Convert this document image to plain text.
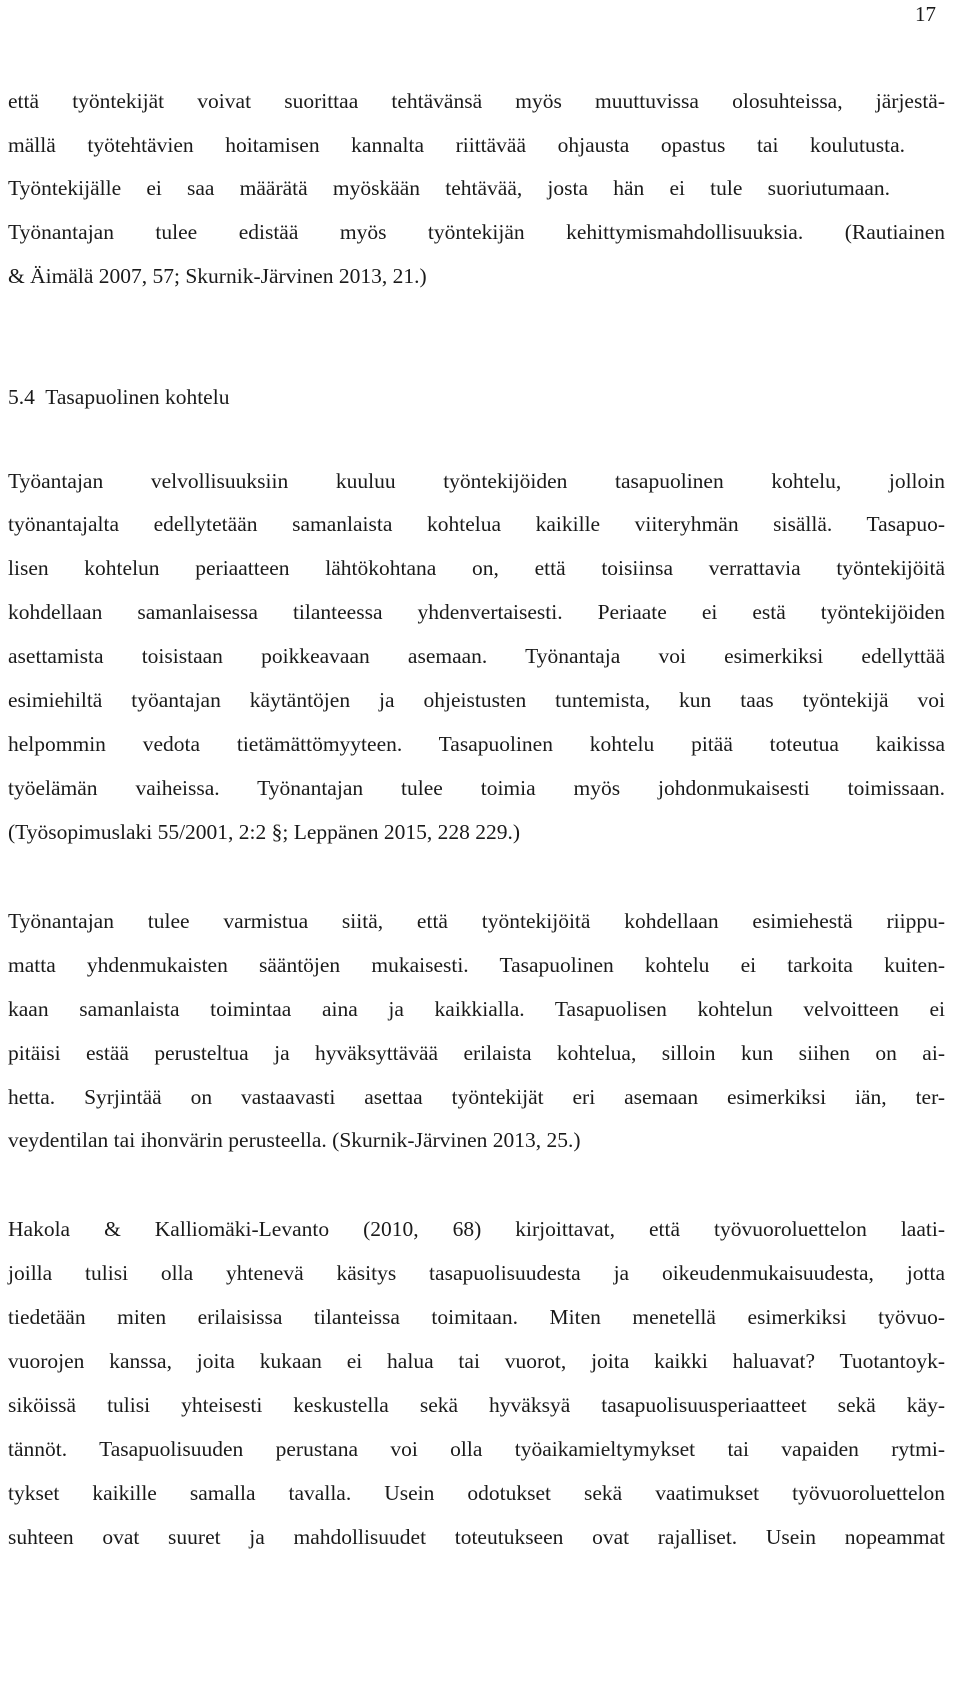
17
että työntekijät voivat suorittaa tehtävänsä myös muuttuvissa olosuhteissa, järjestä-
mällä työtehtävien hoitamisen kannalta riittävää ohjausta opastus tai koulutusta.
Työntekijälle ei saa määrätä myöskään tehtävää, josta hän ei tule suoriutumaan.
Työnantajan tulee edistää myös työntekijän kehittymismahdollisuuksia. (Rautiainen
& Äimälä 2007, 57; Skurnik-Järvinen 2013, 21.)
5.4 Tasapuolinen kohtelu
Työantajan velvollisuuksiin kuuluu työntekijöiden tasapuolinen kohtelu, jolloin
työnantajalta edellytetään samanlaista kohtelua kaikille viiteryhmän sisällä. Tasapuo-
lisen kohtelun periaatteen lähtökohtana on, että toisiinsa verrattavia työntekijöitä
kohdellaan samanlaisessa tilanteessa yhdenvertaisesti. Periaate ei estä työntekijöiden
asettamista toisistaan poikkeavaan asemaan. Työnantaja voi esimerkiksi edellyttää
esimiehiltä työantajan käytäntöjen ja ohjeistusten tuntemista, kun taas työntekijä voi
helpommin vedota tietämättömyyteen. Tasapuolinen kohtelu pitää toteutua kaikissa
työelämän vaiheissa. Työnantajan tulee toimia myös johdonmukaisesti toimissaan.
(Työsopimuslaki 55/2001, 2:2 §; Leppänen 2015, 228 229.)
Työnantajan tulee varmistua siitä, että työntekijöitä kohdellaan esimiehestä riippu-
matta yhdenmukaisten sääntöjen mukaisesti. Tasapuolinen kohtelu ei tarkoita kuiten-
kaan samanlaista toimintaa aina ja kaikkialla. Tasapuolisen kohtelun velvoitteen ei
pitäisi estää perusteltua ja hyväksyttävää erilaista kohtelua, silloin kun siihen on ai-
hetta. Syrjintää on vastaavasti asettaa työntekijät eri asemaan esimerkiksi iän, ter-
veydentilan tai ihonvärin perusteella. (Skurnik-Järvinen 2013, 25.)
Hakola & Kalliomäki-Levanto (2010, 68) kirjoittavat, että työvuoroluettelon laati-
joilla tulisi olla yhtenevä käsitys tasapuolisuudesta ja oikeudenmukaisuudesta, jotta
tiedetään miten erilaisissa tilanteissa toimitaan. Miten menetellä esimerkiksi työvuo-
vuorojen kanssa, joita kukaan ei halua tai vuorot, joita kaikki haluavat? Tuotantoyk-
siköissä tulisi yhteisesti keskustella sekä hyväksyä tasapuolisuusperiaatteet sekä käy-
tännöt. Tasapuolisuuden perustana voi olla työaikamieltymykset tai vapaiden rytmi-
tykset kaikille samalla tavalla. Usein odotukset sekä vaatimukset työvuoroluettelon
suhteen ovat suuret ja mahdollisuudet toteutukseen ovat rajalliset. Usein nopeammat
